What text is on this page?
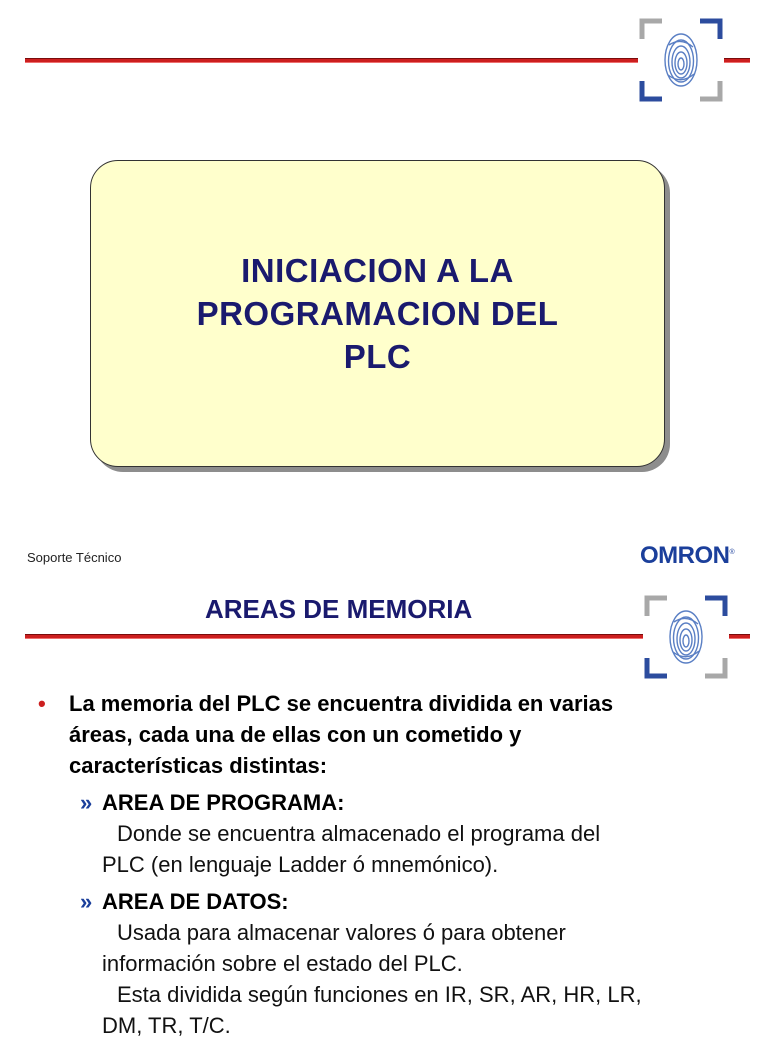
INICIACION A LA
PROGRAMACION DEL
PLC
Soporte Técnico	OMRON®
AREAS DE MEMORIA
•	La memoria del PLC se encuentra dividida en varias
áreas, cada una de ellas con un cometido y
características distintas:
» AREA DE PROGRAMA:
Donde se encuentra almacenado el programa del
PLC (en lenguaje Ladder ó mnemónico).
» AREA DE DATOS:
Usada para almacenar valores ó para obtener
información sobre el estado del PLC.
Esta dividida según funciones en IR, SR, AR, HR, LR,
DM, TR, T/C.
